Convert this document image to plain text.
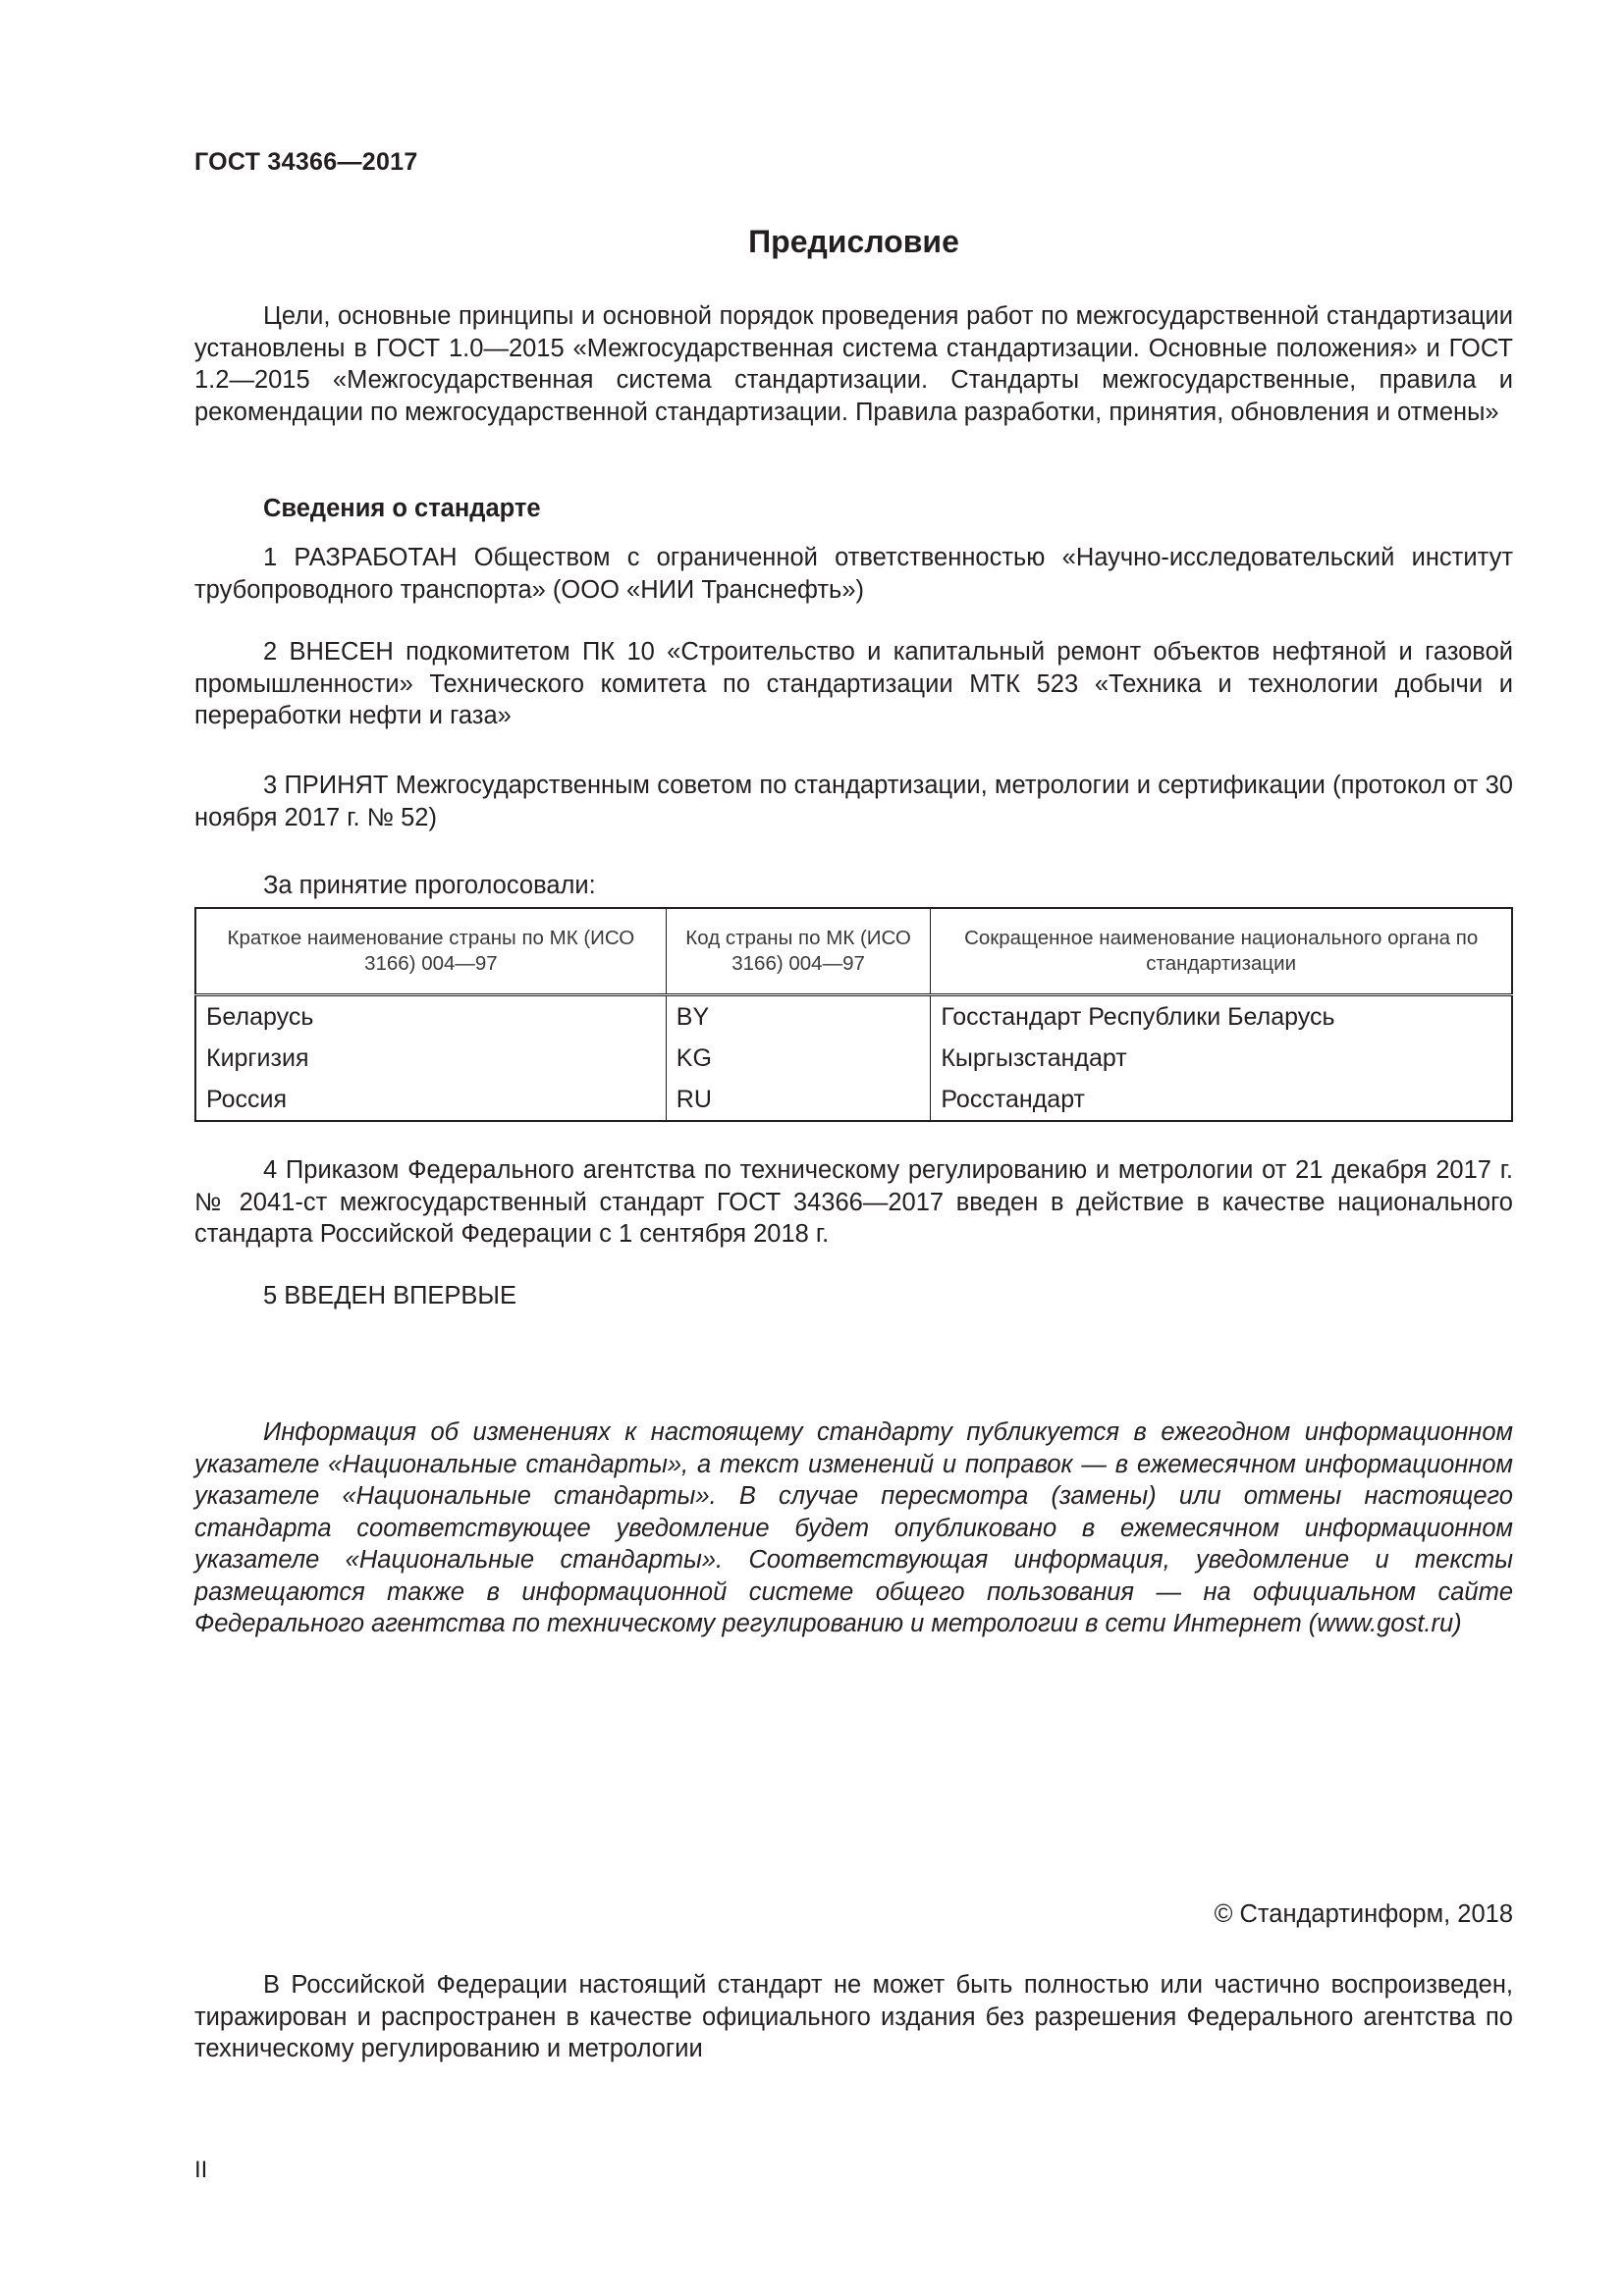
ГОСТ 34366—2017
Предисловие

Цели, основные принципы и основной порядок проведения работ по межгосударственной стандартизации установлены в ГОСТ 1.0—2015 «Межгосударственная система стандартизации. Основные положения» и ГОСТ 1.2—2015 «Межгосударственная система стандартизации. Стандарты межгосударственные, правила и рекомендации по межгосударственной стандартизации. Правила разработки, принятия, обновления и отмены»

Сведения о стандарте

1 РАЗРАБОТАН Обществом с ограниченной ответственностью «Научно-исследовательский институт трубопроводного транспорта» (ООО «НИИ Транснефть»)

2 ВНЕСЕН подкомитетом ПК 10 «Строительство и капитальный ремонт объектов нефтяной и газовой промышленности» Технического комитета по стандартизации МТК 523 «Техника и технологии добычи и переработки нефти и газа»

3 ПРИНЯТ Межгосударственным советом по стандартизации, метрологии и сертификации (протокол от 30 ноября 2017 г. № 52)

За принятие проголосовали:
Краткое наименование страны по МК (ИСО 3166) 004—97	Код страны по МК (ИСО 3166) 004—97	Сокращенное наименование национального органа по стандартизации
Беларусь	BY	Госстандарт Республики Беларусь
Киргизия	KG	Кыргызстандарт
Россия	RU	Росстандарт

4 Приказом Федерального агентства по техническому регулированию и метрологии от 21 декабря 2017 г. № 2041-ст межгосударственный стандарт ГОСТ 34366—2017 введен в действие в качестве национального стандарта Российской Федерации с 1 сентября 2018 г.

5 ВВЕДЕН ВПЕРВЫЕ

Информация об изменениях к настоящему стандарту публикуется в ежегодном информационном указателе «Национальные стандарты», а текст изменений и поправок — в ежемесячном информационном указателе «Национальные стандарты». В случае пересмотра (замены) или отмены настоящего стандарта соответствующее уведомление будет опубликовано в ежемесячном информационном указателе «Национальные стандарты». Соответствующая информация, уведомление и тексты размещаются также в информационной системе общего пользования — на официальном сайте Федерального агентства по техническому регулированию и метрологии в сети Интернет (www.gost.ru)

© Стандартинформ, 2018

В Российской Федерации настоящий стандарт не может быть полностью или частично воспроизведен, тиражирован и распространен в качестве официального издания без разрешения Федерального агентства по техническому регулированию и метрологии

II
